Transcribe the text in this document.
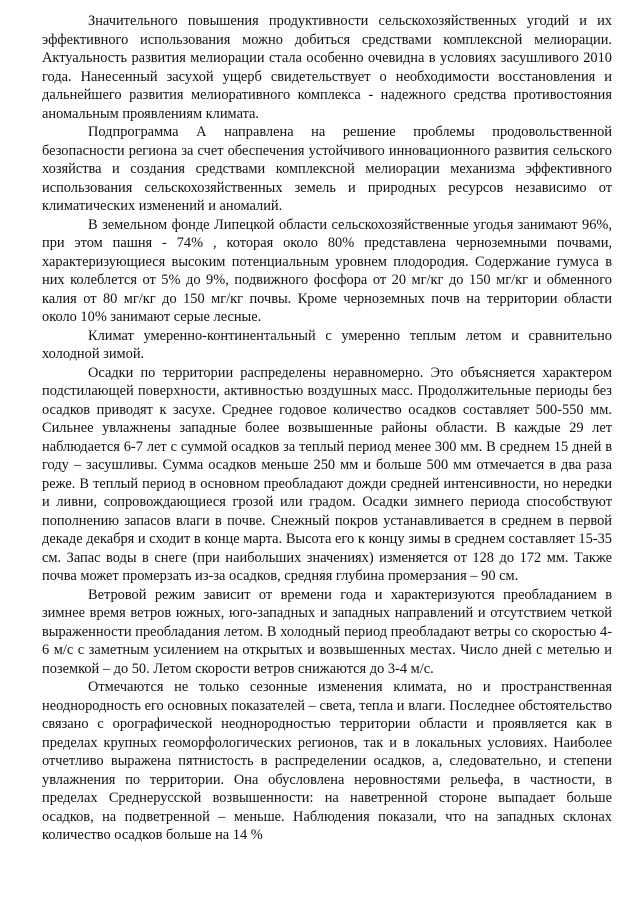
Значительного повышения продуктивности сельскохозяйственных угодий и их эффективного использования можно добиться средствами комплексной мелиорации. Актуальность развития мелиорации стала особенно очевидна в условиях засушливого 2010 года. Нанесенный засухой ущерб свидетельствует о необходимости восстановления и дальнейшего развития мелиоративного комплекса - надежного средства противостояния аномальным проявлениям климата.

Подпрограмма А направлена на решение проблемы продовольственной безопасности региона за счет обеспечения устойчивого инновационного развития сельского хозяйства и создания средствами комплексной мелиорации механизма эффективного использования сельскохозяйственных земель и природных ресурсов независимо от климатических изменений и аномалий.

В земельном фонде Липецкой области сельскохозяйственные угодья занимают 96%, при этом пашня - 74% , которая около 80% представлена черноземными почвами, характеризующиеся высоким потенциальным уровнем плодородия. Содержание гумуса в них колеблется от 5% до 9%, подвижного фосфора от 20 мг/кг до 150 мг/кг и обменного калия от 80 мг/кг до 150 мг/кг почвы. Кроме черноземных почв на территории области около 10% занимают серые лесные.

Климат умеренно-континентальный с умеренно теплым летом и сравнительно холодной зимой.

Осадки по территории распределены неравномерно. Это объясняется характером подстилающей поверхности, активностью воздушных масс. Продолжительные периоды без осадков приводят к засухе. Среднее годовое количество осадков составляет 500-550 мм. Сильнее увлажнены западные более возвышенные районы области. В каждые 29 лет наблюдается 6-7 лет с суммой осадков за теплый период менее 300 мм. В среднем 15 дней в году – засушливы. Сумма осадков меньше 250 мм и больше 500 мм отмечается в два раза реже. В теплый период в основном преобладают дожди средней интенсивности, но нередки и ливни, сопровождающиеся грозой или градом. Осадки зимнего периода способствуют пополнению запасов влаги в почве. Снежный покров устанавливается в среднем в первой декаде декабря и сходит в конце марта. Высота его к концу зимы в среднем составляет 15-35 см. Запас воды в снеге (при наибольших значениях) изменяется от 128 до 172 мм. Также почва может промерзать из-за осадков, средняя глубина промерзания – 90 см.

Ветровой режим зависит от времени года и характеризуются преобладанием в зимнее время ветров южных, юго-западных и западных направлений и отсутствием четкой выраженности преобладания летом. В холодный период преобладают ветры со скоростью 4-6 м/с с заметным усилением на открытых и возвышенных местах. Число дней с метелью и поземкой – до 50. Летом скорости ветров снижаются до 3-4 м/с.

Отмечаются не только сезонные изменения климата, но и пространственная неоднородность его основных показателей – света, тепла и влаги. Последнее обстоятельство связано с орографической неоднородностью территории области и проявляется как в пределах крупных геоморфологических регионов, так и в локальных условиях. Наиболее отчетливо выражена пятнистость в распределении осадков, а, следовательно, и степени увлажнения по территории. Она обусловлена неровностями рельефа, в частности, в пределах Среднерусской возвышенности: на наветренной стороне выпадает больше осадков, на подветренной – меньше. Наблюдения показали, что на западных склонах количество осадков больше на 14 %
